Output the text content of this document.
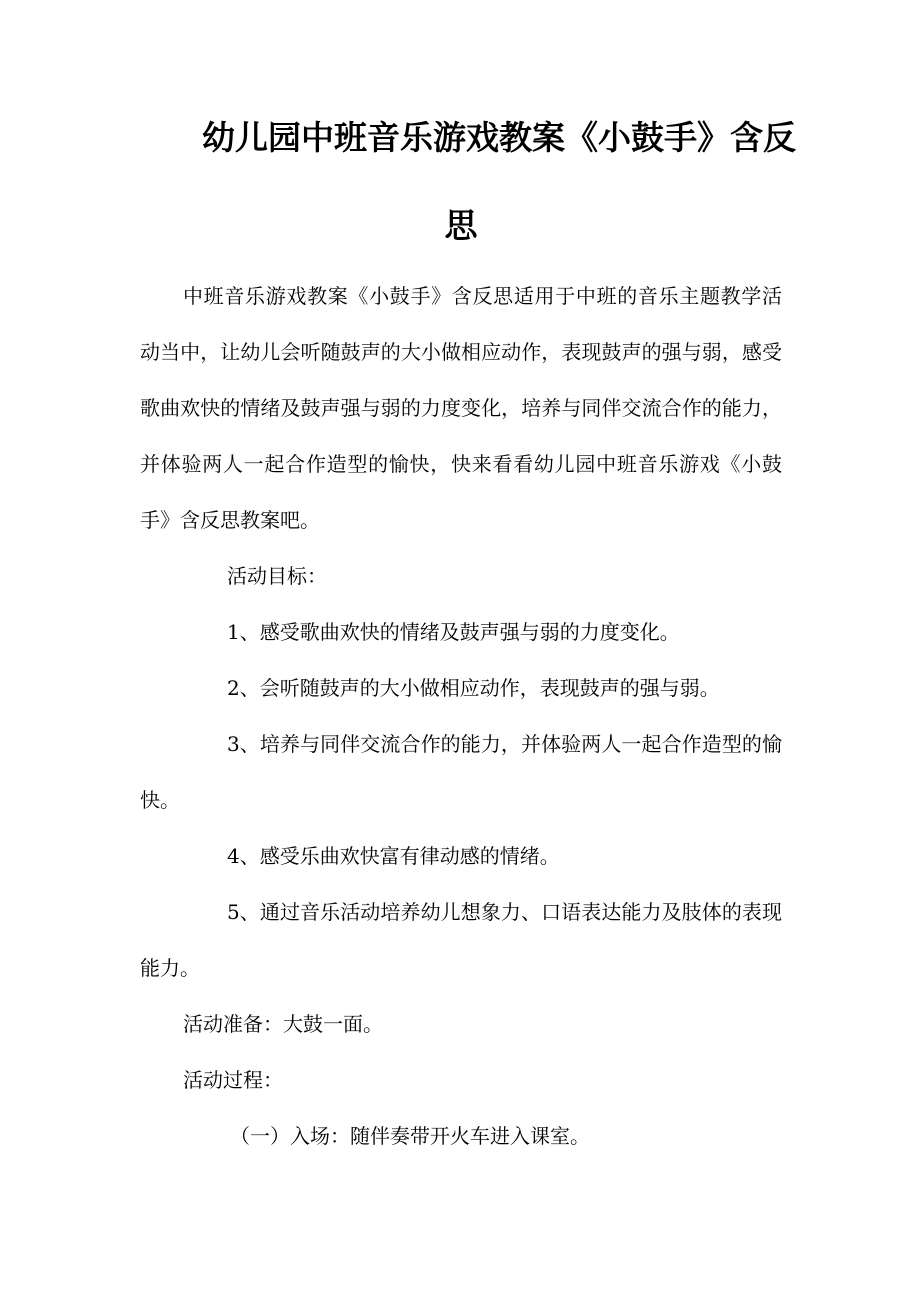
幼儿园中班音乐游戏教案《小鼓手》含反
思

中班音乐游戏教案《小鼓手》含反思适用于中班的音乐主题教学活动当中，让幼儿会听随鼓声的大小做相应动作，表现鼓声的强与弱，感受歌曲欢快的情绪及鼓声强与弱的力度变化，培养与同伴交流合作的能力，并体验两人一起合作造型的愉快，快来看看幼儿园中班音乐游戏《小鼓手》含反思教案吧。

活动目标：

1、感受歌曲欢快的情绪及鼓声强与弱的力度变化。

2、会听随鼓声的大小做相应动作，表现鼓声的强与弱。

3、培养与同伴交流合作的能力，并体验两人一起合作造型的愉快。

4、感受乐曲欢快富有律动感的情绪。

5、通过音乐活动培养幼儿想象力、口语表达能力及肢体的表现能力。

活动准备：大鼓一面。

活动过程：

（一）入场：随伴奏带开火车进入课室。
